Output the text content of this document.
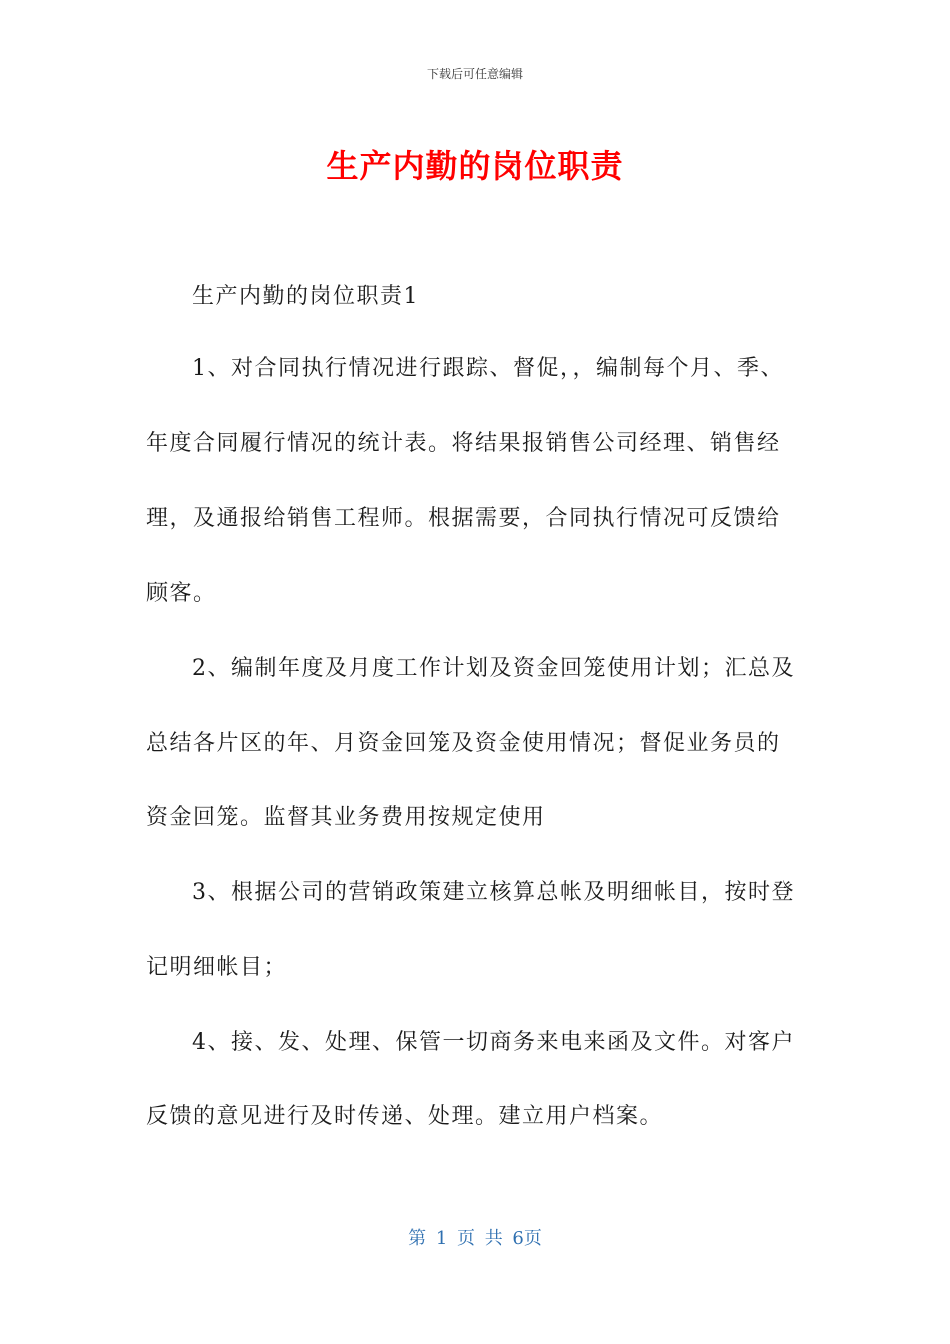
下载后可任意编辑
生产内勤的岗位职责
生产内勤的岗位职责1
1、对合同执行情况进行跟踪、督促，，编制每个月、季、
年度合同履行情况的统计表。将结果报销售公司经理、销售经
理，及通报给销售工程师。根据需要，合同执行情况可反馈给
顾客。
2、编制年度及月度工作计划及资金回笼使用计划；汇总及
总结各片区的年、月资金回笼及资金使用情况；督促业务员的
资金回笼。监督其业务费用按规定使用
3、根据公司的营销政策建立核算总帐及明细帐目，按时登
记明细帐目；
4、接、发、处理、保管一切商务来电来函及文件。对客户
反馈的意见进行及时传递、处理。建立用户档案。
第 1 页 共 6页
